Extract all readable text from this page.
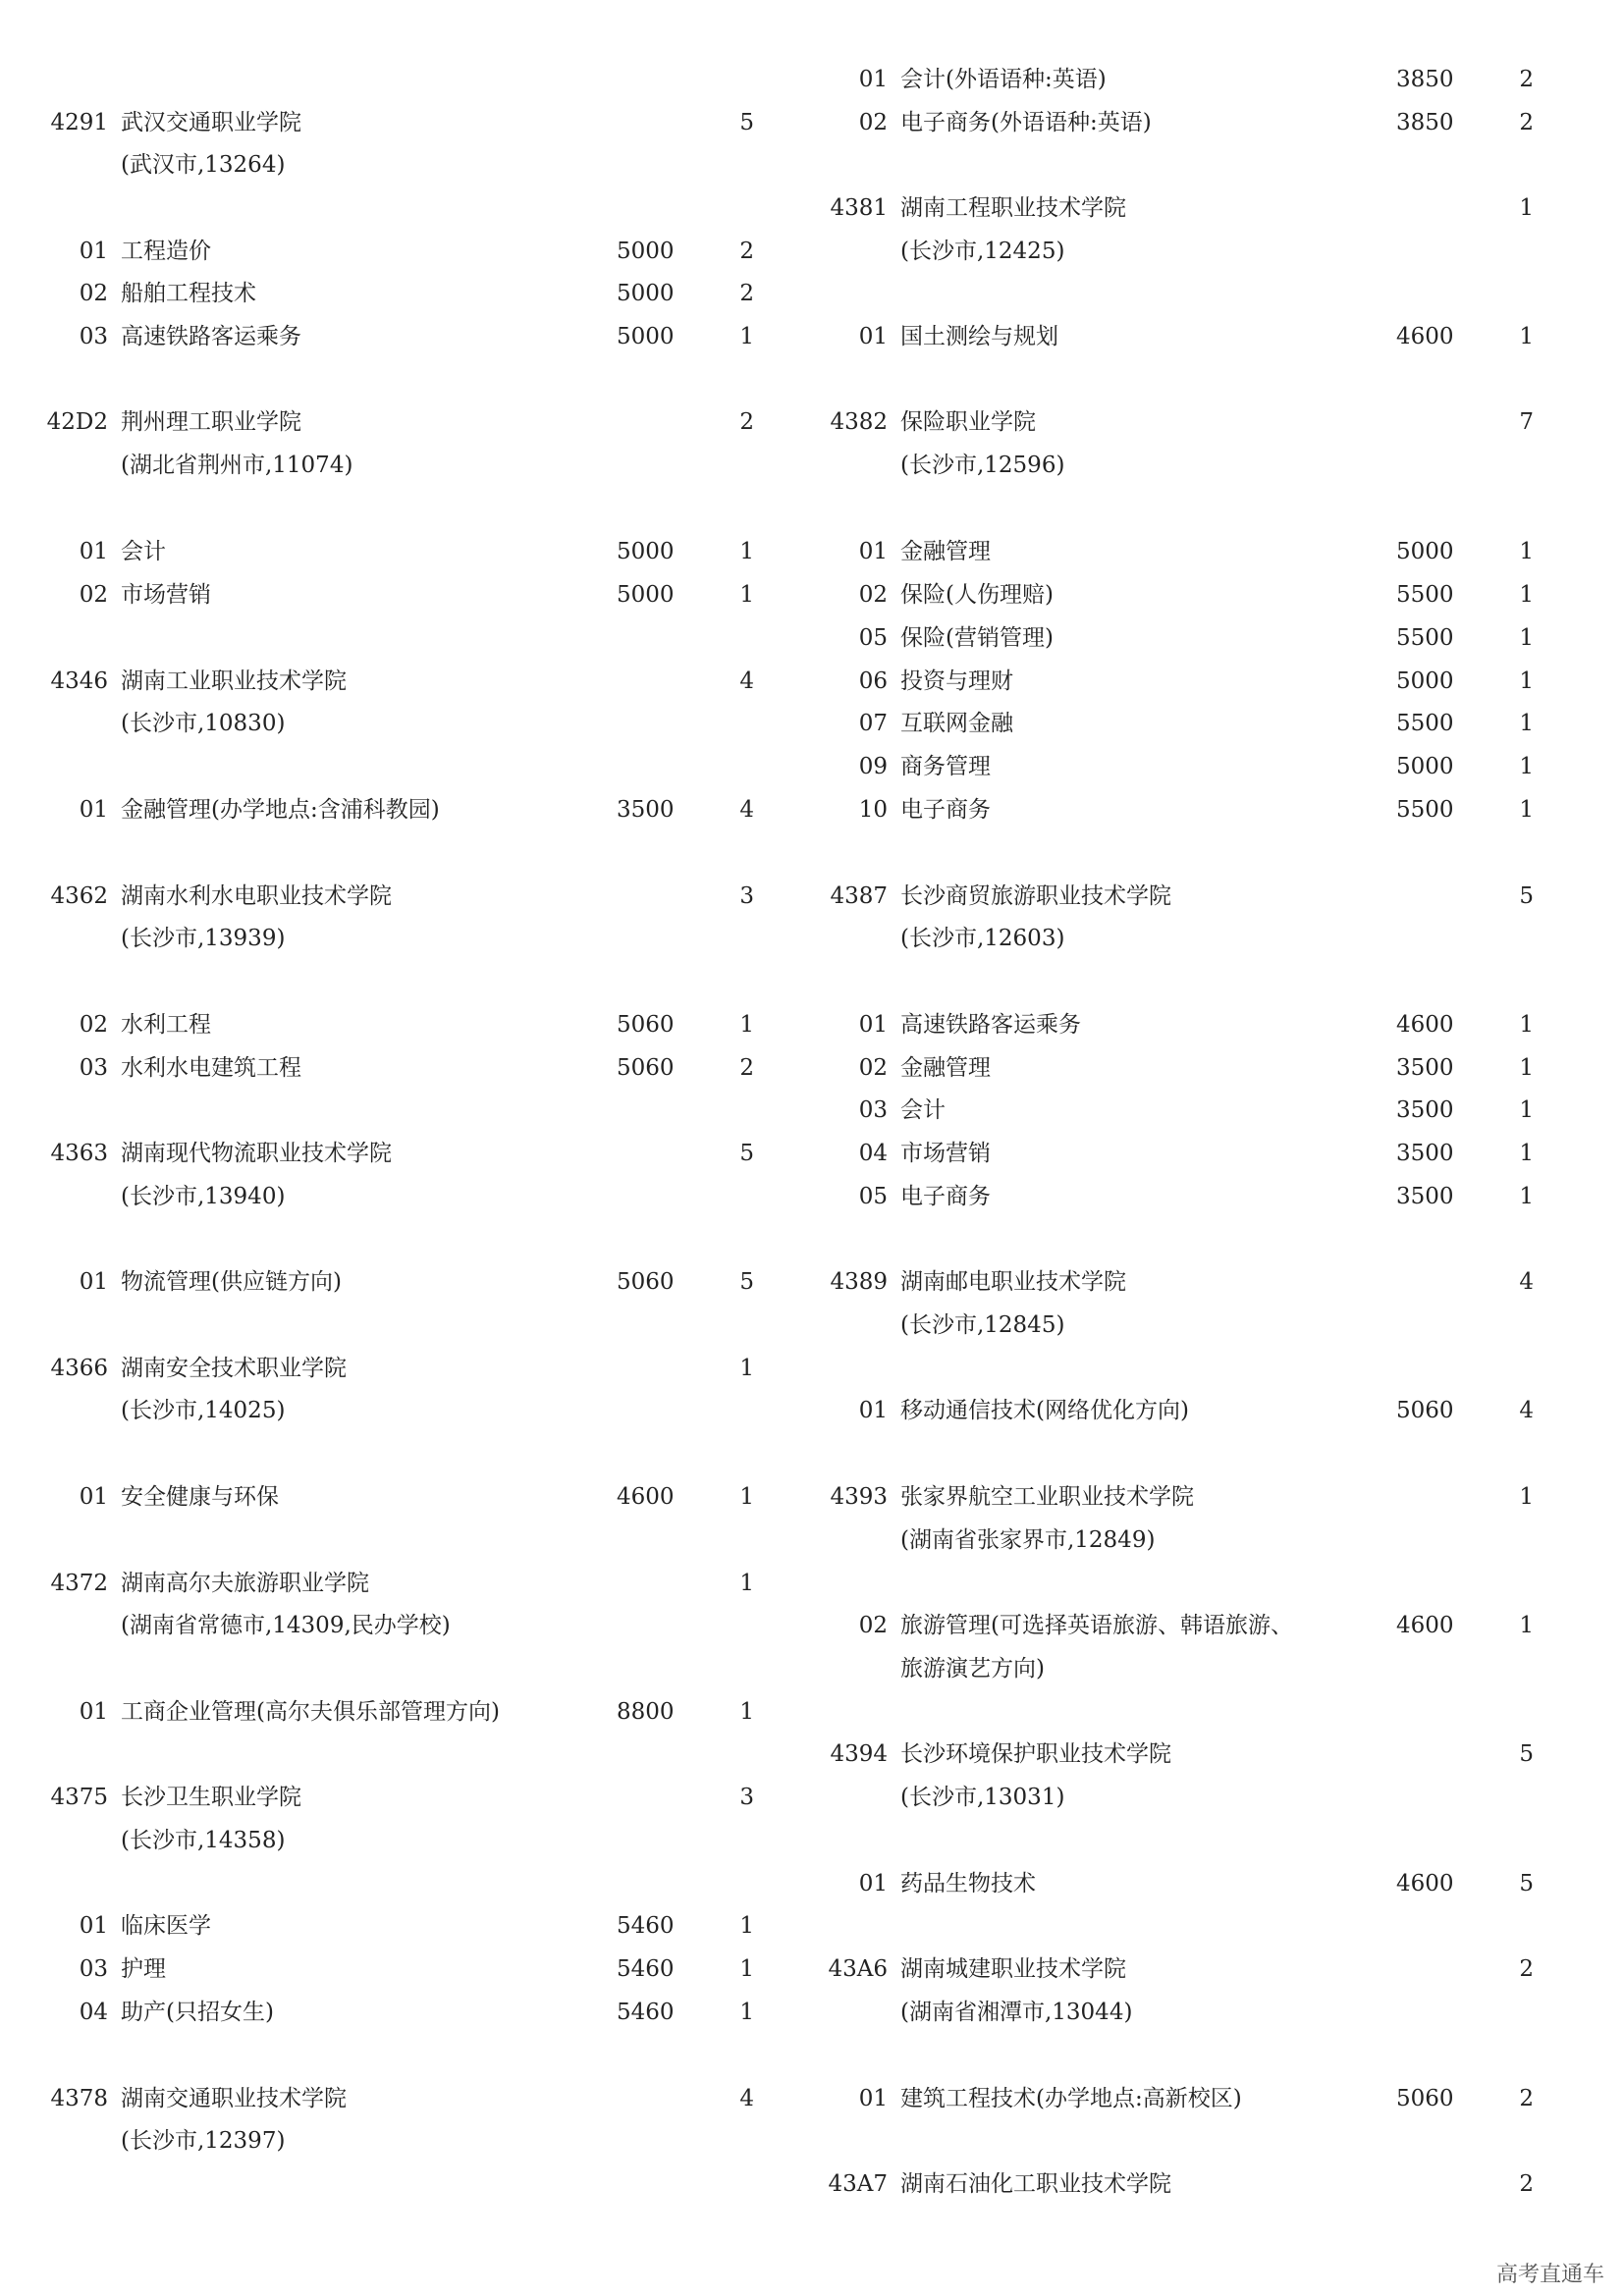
4291 武汉交通职业学院	5
(武汉市,13264)
01 工程造价	5000	2
02 船舶工程技术	5000	2
03 高速铁路客运乘务	5000	1
42D2 荆州理工职业学院	2
(湖北省荆州市,11074)
01 会计	5000	1
02 市场营销	5000	1
4346 湖南工业职业技术学院	4
(长沙市,10830)
01 金融管理(办学地点:含浦科教园)	3500	4
4362 湖南水利水电职业技术学院	3
(长沙市,13939)
02 水利工程	5060	1
03 水利水电建筑工程	5060	2
4363 湖南现代物流职业技术学院	5
(长沙市,13940)
01 物流管理(供应链方向)	5060	5
4366 湖南安全技术职业学院	1
(长沙市,14025)
01 安全健康与环保	4600	1
4372 湖南高尔夫旅游职业学院	1
(湖南省常德市,14309,民办学校)
01 工商企业管理(高尔夫俱乐部管理方向)	8800	1
4375 长沙卫生职业学院	3
(长沙市,14358)
01 临床医学	5460	1
03 护理	5460	1
04 助产(只招女生)	5460	1
4378 湖南交通职业技术学院	4
(长沙市,12397)
01 会计(外语语种:英语)	3850	2
02 电子商务(外语语种:英语)	3850	2
4381 湖南工程职业技术学院	1
(长沙市,12425)
01 国土测绘与规划	4600	1
4382 保险职业学院	7
(长沙市,12596)
01 金融管理	5000	1
02 保险(人伤理赔)	5500	1
05 保险(营销管理)	5500	1
06 投资与理财	5000	1
07 互联网金融	5500	1
09 商务管理	5000	1
10 电子商务	5500	1
4387 长沙商贸旅游职业技术学院	5
(长沙市,12603)
01 高速铁路客运乘务	4600	1
02 金融管理	3500	1
03 会计	3500	1
04 市场营销	3500	1
05 电子商务	3500	1
4389 湖南邮电职业技术学院	4
(长沙市,12845)
01 移动通信技术(网络优化方向)	5060	4
4393 张家界航空工业职业技术学院	1
(湖南省张家界市,12849)
02 旅游管理(可选择英语旅游、韩语旅游、	4600	1
旅游演艺方向)
4394 长沙环境保护职业技术学院	5
(长沙市,13031)
01 药品生物技术	4600	5
43A6 湖南城建职业技术学院	2
(湖南省湘潭市,13044)
01 建筑工程技术(办学地点:高新校区)	5060	2
43A7 湖南石油化工职业技术学院	2
高考直通车
